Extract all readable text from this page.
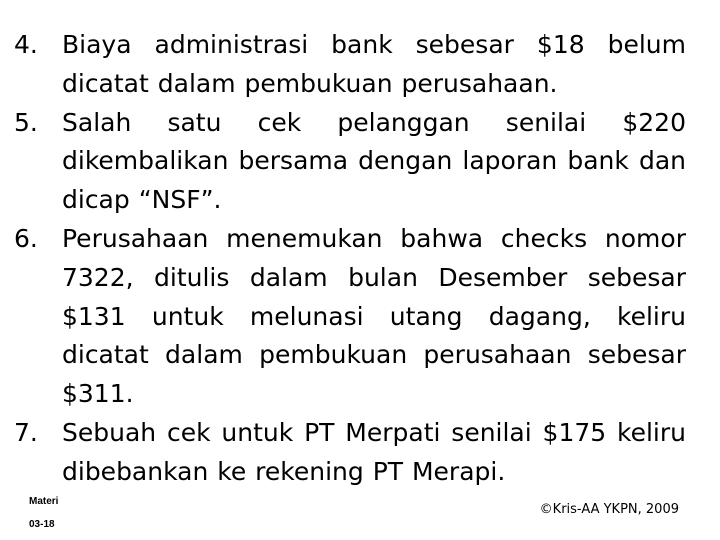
4. Biaya administrasi bank sebesar $18 belum dicatat dalam pembukuan perusahaan.
5. Salah satu cek pelanggan senilai $220 dikembalikan bersama dengan laporan bank dan dicap “NSF”.
6. Perusahaan menemukan bahwa checks nomor 7322, ditulis dalam bulan Desember sebesar $131 untuk melunasi utang dagang, keliru dicatat dalam pembukuan perusahaan sebesar $311.
7. Sebuah cek untuk PT Merpati senilai $175 keliru dibebankan ke rekening PT Merapi.
Materi
03-18
©Kris-AA YKPN, 2009
